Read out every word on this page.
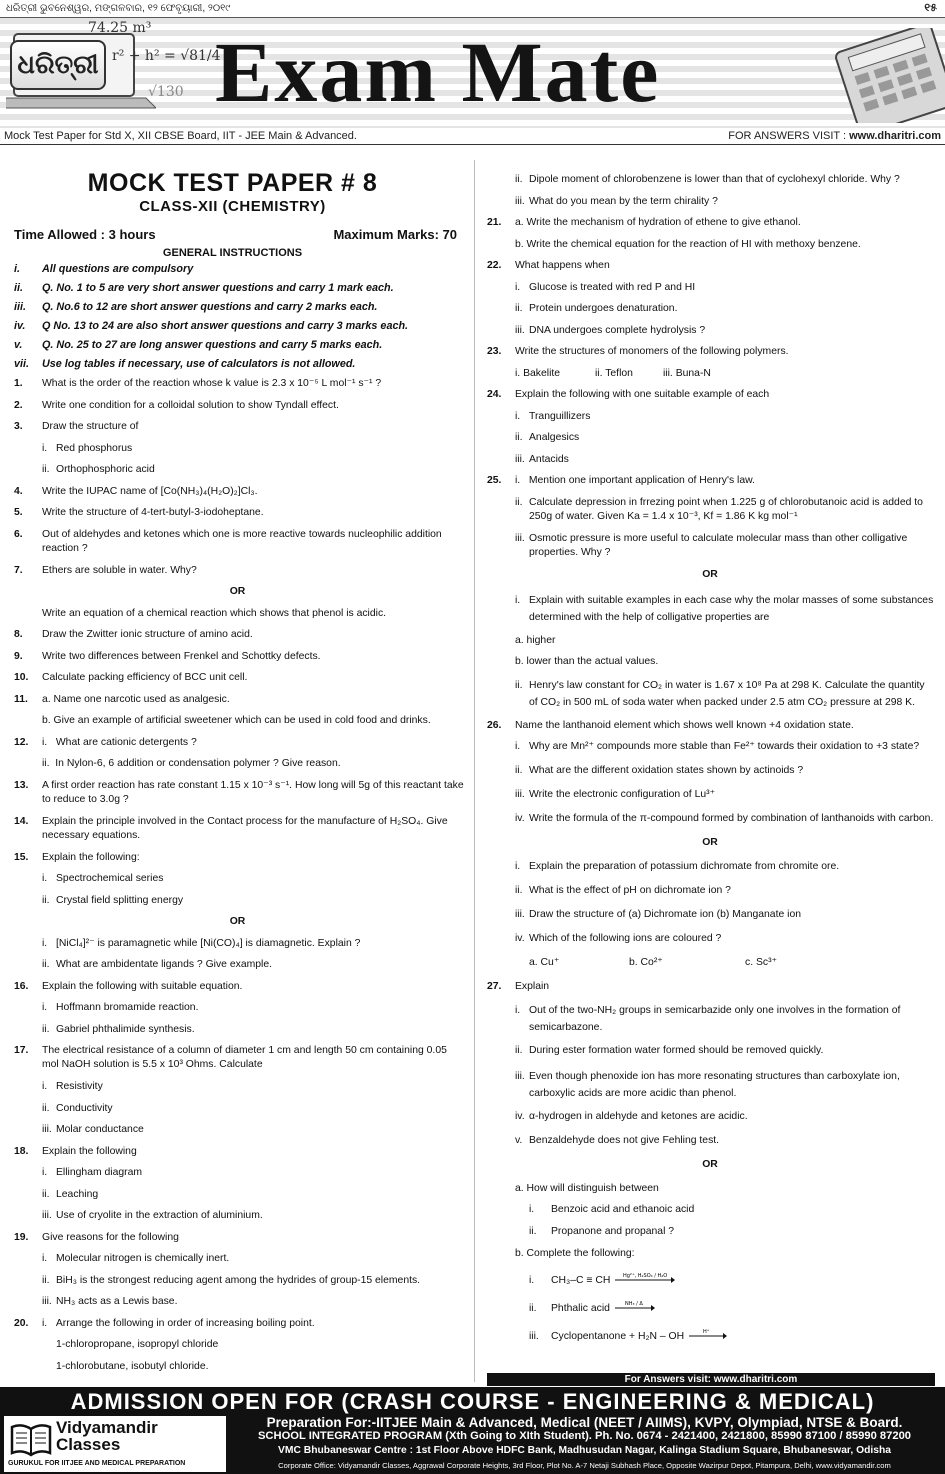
ଧରିତ୍ରୀ ଭୁବନେଶ୍ୱର, ମଙ୍ଗଳବାର, ୧୨ ଫେବୃୟାରୀ, ୨୦୧୯	୧୫
ଧରିତ୍ରୀ
74.25 m³
r² + h² = √81/4
√130 Exam Mate
Mock Test Paper for Std X, XII CBSE Board, IIT - JEE Main & Advanced.	FOR ANSWERS VISIT : www.dharitri.com
MOCK TEST PAPER # 8
CLASS-XII (CHEMISTRY)
Time Allowed : 3 hours	Maximum Marks: 70
GENERAL INSTRUCTIONS
i. All questions are compulsory
ii. Q. No. 1 to 5 are very short answer questions and carry 1 mark each.
iii. Q. No.6 to 12 are short answer questions and carry 2 marks each.
iv. Q No. 13 to 24 are also short answer questions and carry 3 marks each.
v. Q. No. 25 to 27 are long answer questions and carry 5 marks each.
vii. Use log tables if necessary, use of calculators is not allowed.
1. What is the order of the reaction whose k value is 2.3 x 10⁻⁵ L mol⁻¹ s⁻¹ ?
2. Write one condition for a colloidal solution to show Tyndall effect.
3. Draw the structure of
i. Red phosphorus
ii. Orthophosphoric acid
4. Write the IUPAC name of [Co(NH₃)₄(H₂O)₂]Cl₃.
5. Write the structure of 4-tert-butyl-3-iodoheptane.
6. Out of aldehydes and ketones which one is more reactive towards nucleophilic addition reaction ?
7. Ethers are soluble in water. Why?
OR
Write an equation of a chemical reaction which shows that phenol is acidic.
8. Draw the Zwitter ionic structure of amino acid.
9. Write two differences between Frenkel and Schottky defects.
10. Calculate packing efficiency of BCC unit cell.
11. a. Name one narcotic used as analgesic.
b. Give an example of artificial sweetener which can be used in cold food and drinks.
12. i.   What are cationic detergents ?
ii.  In Nylon-6, 6 addition or condensation polymer ? Give reason.
13. A first order reaction has rate constant 1.15 x 10⁻³ s⁻¹. How long will 5g of this reactant take to reduce to 3.0g ?
14. Explain the principle involved in the Contact process for the manufacture of H₂SO₄. Give necessary equations.
15. Explain the following:
i. Spectrochemical series
ii. Crystal field splitting energy
OR
i. [NiCl₄]²⁻ is paramagnetic while [Ni(CO)₄] is diamagnetic. Explain ?
ii. What are ambidentate ligands ? Give example.
16. Explain the following with suitable equation.
i. Hoffmann bromamide reaction.
ii. Gabriel phthalimide synthesis.
17. The electrical resistance of a column of diameter 1 cm and length 50 cm containing 0.05 mol NaOH solution is 5.5 x 10³ Ohms. Calculate
i. Resistivity
ii. Conductivity
iii. Molar conductance
18. Explain the following
i. Ellingham diagram
ii. Leaching
iii. Use of cryolite in the extraction of aluminium.
19. Give reasons for the following
i. Molecular nitrogen is chemically inert.
ii. BiH₃ is the strongest reducing agent among the hydrides of group-15 elements.
iii. NH₃ acts as a Lewis base.
20. i.   Arrange the following in order of increasing boiling point.
1-chloropropane, isopropyl chloride
1-chlorobutane, isobutyl chloride.
ii. Dipole moment of chlorobenzene is lower than that of cyclohexyl chloride. Why ?
iii. What do you mean by the term chirality ?
21. a. Write the mechanism of hydration of ethene to give ethanol.
b. Write the chemical equation for the reaction of HI with methoxy benzene.
22. What happens when
i. Glucose is treated with red P and HI
ii. Protein undergoes denaturation.
iii. DNA undergoes complete hydrolysis ?
23. Write the structures of monomers of the following polymers.
i. Bakelite	ii. Teflon	iii. Buna-N
24. Explain the following with one suitable example of each
i. Tranguillizers
ii. Analgesics
iii. Antacids
25. i.   Mention one important application of Henry's law.
ii. Calculate depression in frrezing point when 1.225 g of chlorobutanoic acid is added to 250g of water. Given Ka = 1.4 x 10⁻³, Kf = 1.86 K kg mol⁻¹
iii. Osmotic pressure is more useful to calculate molecular mass than other colligative properties. Why ?
OR
i. Explain with suitable examples in each case why the molar masses of some substances determined with the help of colligative properties are
a. higher
b. lower than the actual values.
ii. Henry's law constant for CO₂ in water is 1.67 x 10⁸ Pa at 298 K. Calculate the quantity of CO₂ in 500 mL of soda water when packed under 2.5 atm CO₂ pressure at 298 K.
26. Name the lanthanoid element which shows well known +4 oxidation state.
i. Why are Mn²⁺ compounds more stable than Fe²⁺ towards their oxidation to +3 state?
ii. What are the different oxidation states shown by actinoids ?
iii. Write the electronic configuration of Lu³⁺
iv. Write the formula of the π-compound formed by combination of lanthanoids with carbon.
OR
i. Explain the preparation of potassium dichromate from chromite ore.
ii. What is the effect of pH on dichromate ion ?
iii. Draw the structure of (a) Dichromate ion (b) Manganate ion
iv. Which of the following ions are coloured ?
a. Cu⁺	b. Co²⁺	c. Sc³⁺
27. Explain
i. Out of the two-NH₂ groups in semicarbazide only one involves in the formation of semicarbazone.
ii. During ester formation water formed should be removed quickly.
iii. Even though phenoxide ion has more resonating structures than carboxylate ion, carboxylic acids are more acidic than phenol.
iv. α-hydrogen in aldehyde and ketones are acidic.
v. Benzaldehyde does not give Fehling test.
OR
a. How will distinguish between
i. Benzoic acid and ethanoic acid
ii. Propanone and propanal ?
b. Complete the following:
i. CH₃–C ≡ CH	Hg²⁺, H₂SO₄ / H₂O
ii. Phthalic acid	NH₃ / Δ
iii. Cyclopentanone + H₂N – OH	H⁺
For Answers visit: www.dharitri.com
ADMISSION OPEN FOR (CRASH COURSE - ENGINEERING & MEDICAL)
Vidyamandir
Classes
GURUKUL FOR IITJEE AND MEDICAL PREPARATION
Preparation For:-IITJEE Main & Advanced, Medical (NEET / AIIMS), KVPY, Olympiad, NTSE & Board.
SCHOOL INTEGRATED PROGRAM (Xth Going to XIth Student). Ph. No. 0674 - 2421400, 2421800, 85990 87100 / 85990 87200
VMC Bhubaneswar Centre : 1st Floor Above HDFC Bank, Madhusudan Nagar, Kalinga Stadium Square, Bhubaneswar, Odisha
Corporate Office: Vidyamandir Classes, Aggrawal Corporate Heights, 3rd Floor, Plot No. A-7 Netaji Subhash Place, Opposite Wazirpur Depot, Pitampura, Delhi, www.vidyamandir.com
